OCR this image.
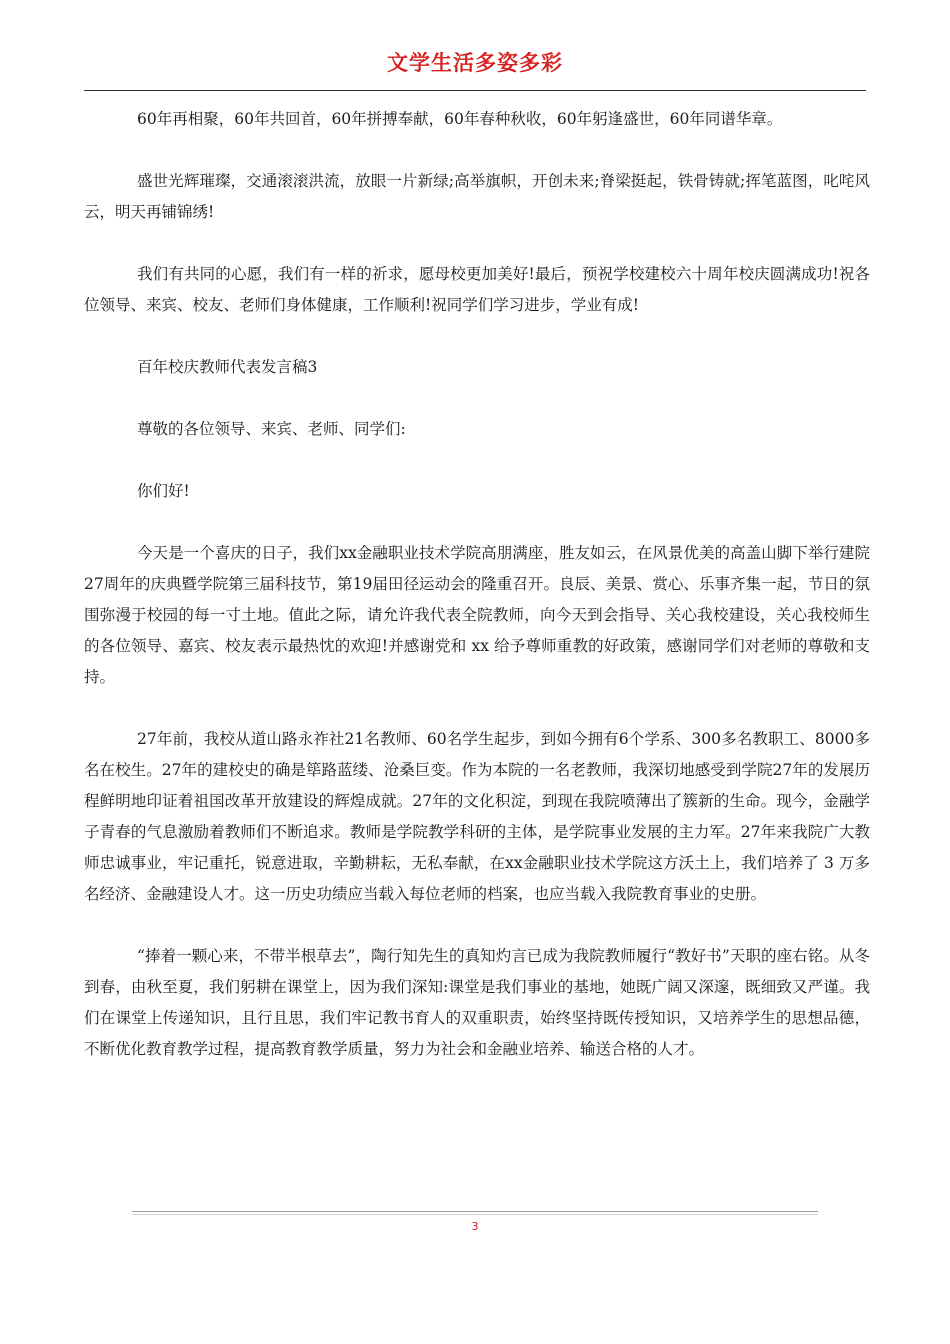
文学生活多姿多彩

60年再相聚，60年共回首，60年拼搏奉献，60年春种秋收，60年躬逢盛世，60年同谱华章。

盛世光辉璀璨，交通滚滚洪流，放眼一片新绿;高举旗帜，开创未来;脊梁挺起，铁骨铸就;挥笔蓝图，叱咤风云，明天再铺锦绣!

我们有共同的心愿，我们有一样的祈求，愿母校更加美好!最后，预祝学校建校六十周年校庆圆满成功!祝各位领导、来宾、校友、老师们身体健康，工作顺利!祝同学们学习进步，学业有成!

百年校庆教师代表发言稿3

尊敬的各位领导、来宾、老师、同学们:

你们好!

今天是一个喜庆的日子，我们xx金融职业技术学院高朋满座，胜友如云，在风景优美的高盖山脚下举行建院27周年的庆典暨学院第三届科技节，第19届田径运动会的隆重召开。良辰、美景、赏心、乐事齐集一起，节日的氛围弥漫于校园的每一寸土地。值此之际，请允许我代表全院教师，向今天到会指导、关心我校建设，关心我校师生的各位领导、嘉宾、校友表示最热忱的欢迎!并感谢党和 xx 给予尊师重教的好政策，感谢同学们对老师的尊敬和支持。

27年前，我校从道山路永祚社21名教师、60名学生起步，到如今拥有6个学系、300多名教职工、8000多名在校生。27年的建校史的确是筚路蓝缕、沧桑巨变。作为本院的一名老教师，我深切地感受到学院27年的发展历程鲜明地印证着祖国改革开放建设的辉煌成就。27年的文化积淀，到现在我院喷薄出了簇新的生命。现今，金融学子青春的气息激励着教师们不断追求。教师是学院教学科研的主体，是学院事业发展的主力军。27年来我院广大教师忠诚事业，牢记重托，锐意进取，辛勤耕耘，无私奉献，在xx金融职业技术学院这方沃土上，我们培养了 3 万多名经济、金融建设人才。这一历史功绩应当载入每位老师的档案，也应当载入我院教育事业的史册。

“捧着一颗心来，不带半根草去”，陶行知先生的真知灼言已成为我院教师履行“教好书”天职的座右铭。从冬到春，由秋至夏，我们躬耕在课堂上，因为我们深知:课堂是我们事业的基地，她既广阔又深邃，既细致又严谨。我们在课堂上传递知识，且行且思，我们牢记教书育人的双重职责，始终坚持既传授知识，又培养学生的思想品德，不断优化教育教学过程，提高教育教学质量，努力为社会和金融业培养、输送合格的人才。

3
